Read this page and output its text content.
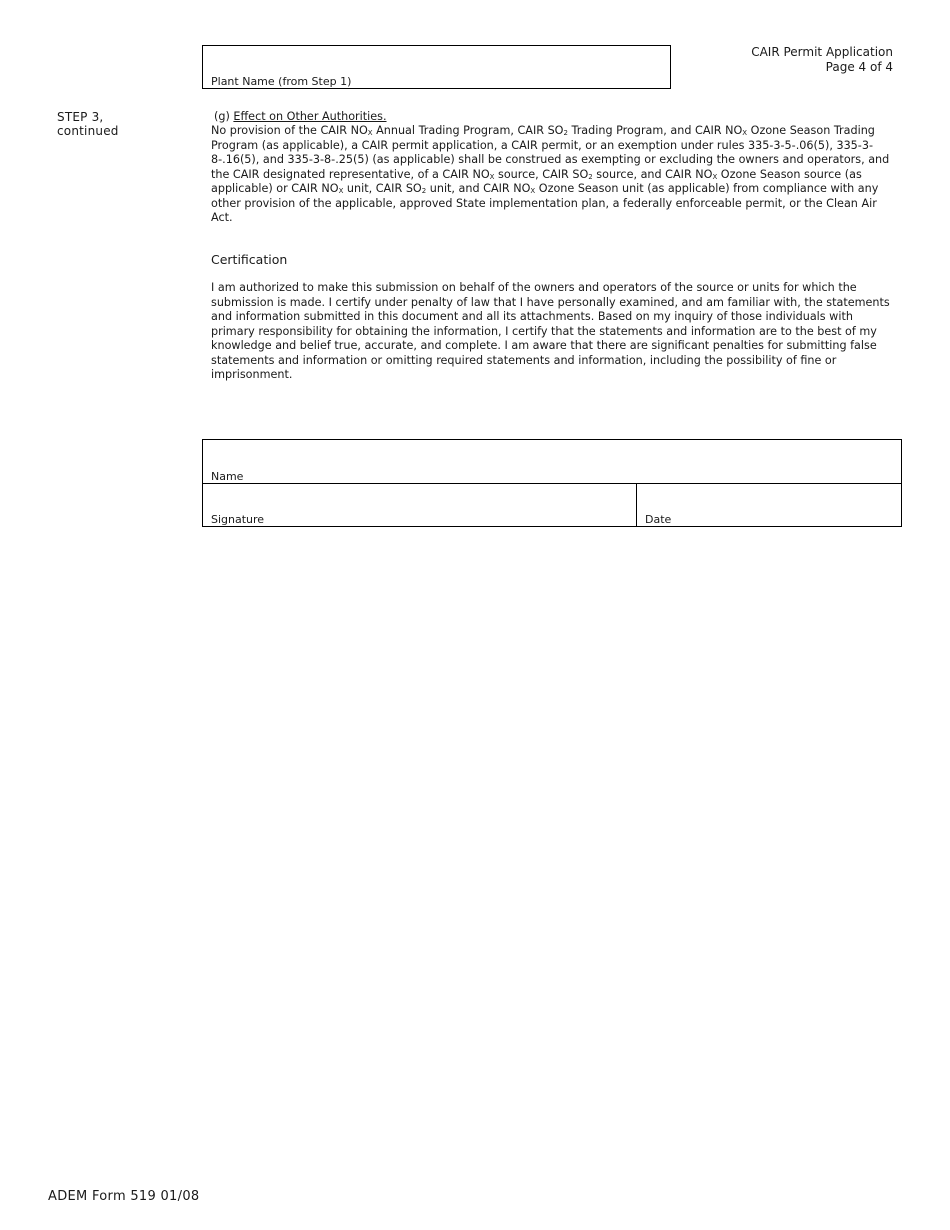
Plant Name (from Step 1)
CAIR Permit Application
Page 4 of 4
STEP 3,
continued
(g) Effect on Other Authorities.
No provision of the CAIR $NO_X$ Annual Trading Program, CAIR $SO_2$ Trading Program, and CAIR $NO_X$ Ozone Season Trading Program (as applicable), a CAIR permit application, a CAIR permit, or an exemption under rules 335-3-5-.06(5), 335-3-8-.16(5), and 335-3-8-.25(5) (as applicable) shall be construed as exempting or excluding the owners and operators, and the CAIR designated representative, of a CAIR $NO_X$ source, CAIR $SO_2$ source, and CAIR $NO_X$ Ozone Season source (as applicable) or CAIR $NO_X$ unit, CAIR $SO_2$ unit, and CAIR $NO_X$ Ozone Season unit (as applicable) from compliance with any other provision of the applicable, approved State implementation plan, a federally enforceable permit, or the Clean Air Act.
Certification
I am authorized to make this submission on behalf of the owners and operators of the source or units for which the submission is made. I certify under penalty of law that I have personally examined, and am familiar with, the statements and information submitted in this document and all its attachments. Based on my inquiry of those individuals with primary responsibility for obtaining the information, I certify that the statements and information are to the best of my knowledge and belief true, accurate, and complete. I am aware that there are significant penalties for submitting false statements and information or omitting required statements and information, including the possibility of fine or imprisonment.
Name
Signature	Date
ADEM Form 519 01/08
